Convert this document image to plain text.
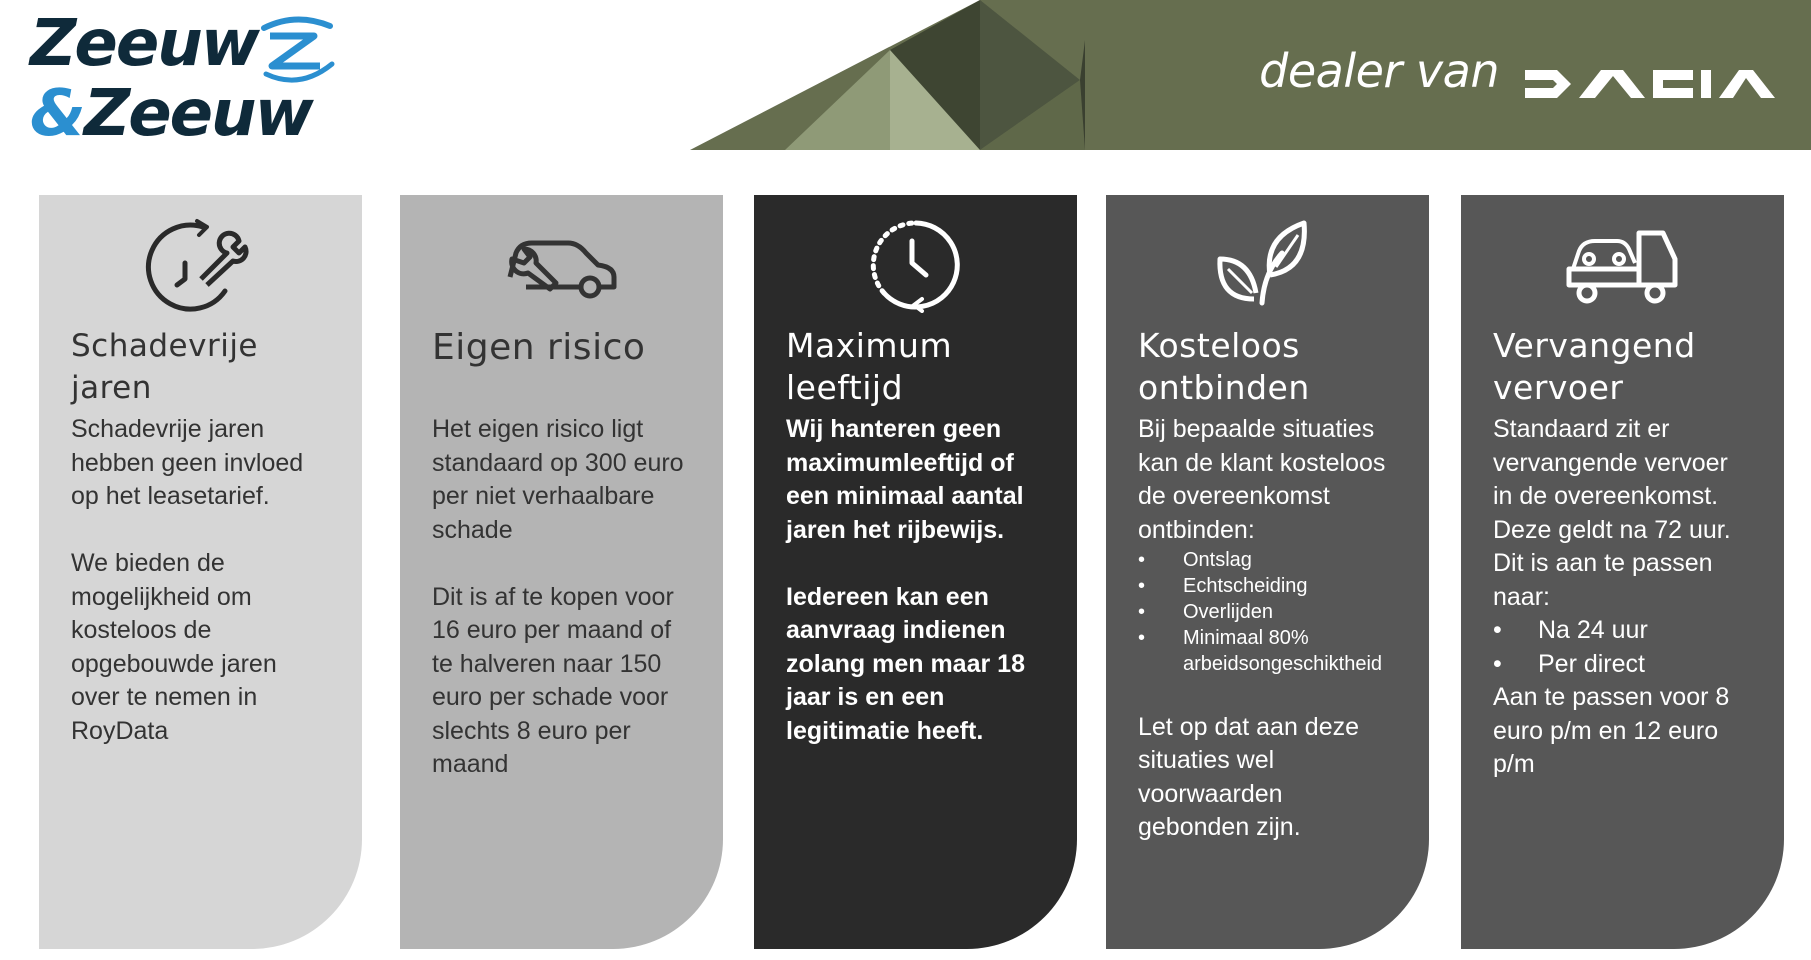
Zeeuw
&Zeeuw
dealer van
Schadevrije
jaren

Schadevrije jaren

hebben geen invloed

op het leasetarief.

We bieden de

mogelijkheid om

kosteloos de

opgebouwde jaren

over te nemen in

RoyData

Eigen risico

Het eigen risico ligt

standaard op 300 euro

per niet verhaalbare

schade

Dit is af te kopen voor

16 euro per maand of

te halveren naar 150

euro per schade voor

slechts 8 euro per

maand

Maximum
leeftijd

Wij hanteren geen

maximumleeftijd of

een minimaal aantal

jaren het rijbewijs.

Iedereen kan een

aanvraag indienen

zolang men maar 18

jaar is en een

legitimatie heeft.

Kosteloos
ontbinden

Bij bepaalde situaties

kan de klant kosteloos

de overeenkomst

ontbinden:

• Ontslag
• Echtscheiding
• Overlijden
• Minimaal 80% arbeidsongeschiktheid

Let op dat aan deze

situaties wel

voorwaarden

gebonden zijn.

Vervangend
vervoer

Standaard zit er

vervangende vervoer

in de overeenkomst.

Deze geldt na 72 uur.

Dit is aan te passen

naar:

• Na 24 uur
• Per direct

Aan te passen voor 8

euro p/m en 12 euro

p/m
